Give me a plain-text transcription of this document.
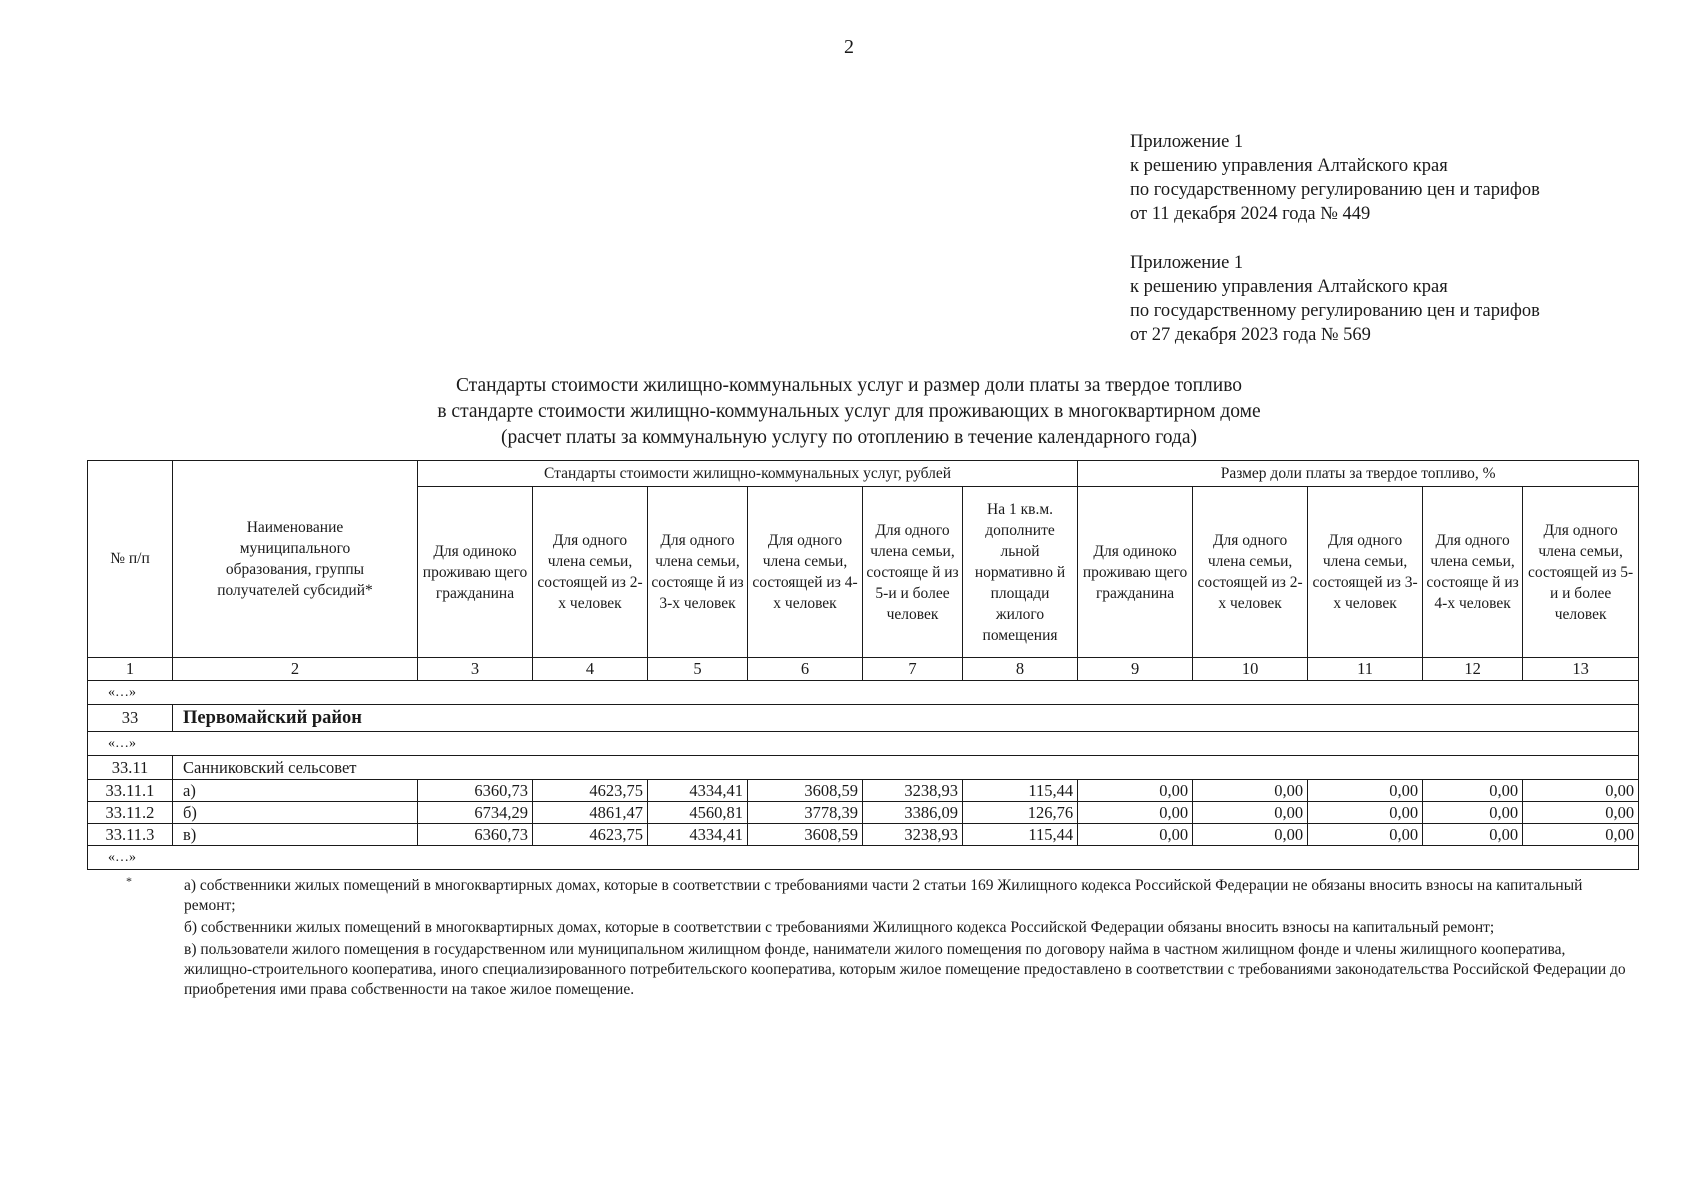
2
Приложение 1
к решению управления Алтайского края
по государственному регулированию цен и тарифов
от 11 декабря 2024 года № 449
Приложение 1
к решению управления Алтайского края
по государственному регулированию цен и тарифов
от 27 декабря 2023 года № 569
Стандарты стоимости жилищно-коммунальных услуг и размер доли платы за твердое топливо
в стандарте стоимости жилищно-коммунальных услуг для проживающих в многоквартирном доме
(расчет платы за коммунальную услугу по отоплению в течение календарного года)
№ п/п	Наименование муниципального образования, группы получателей субсидий*	Стандарты стоимости жилищно-коммунальных услуг, рублей						Размер доли платы за твердое топливо, %				
		Для одиноко проживаю щего гражданина	Для одного члена семьи, состоящей из 2-х человек	Для одного члена семьи, состояще й из 3-х человек	Для одного члена семьи, состоящей из 4-х человек	Для одного члена семьи, состояще й из 5-и и более человек	На 1 кв.м. дополните льной нормативно й площади жилого помещения	Для одиноко проживаю щего гражданина	Для одного члена семьи, состоящей из 2-х человек	Для одного члена семьи, состоящей из 3-х человек	Для одного члена семьи, состояще й из 4-х человек	Для одного члена семьи, состоящей из 5-и и более человек
1	2	3	4	5	6	7	8	9	10	11	12	13
«…»												
33	Первомайский район											
«…»												
33.11	Санниковский сельсовет											
33.11.1	а)	6360,73	4623,75	4334,41	3608,59	3238,93	115,44	0,00	0,00	0,00	0,00	0,00
33.11.2	б)	6734,29	4861,47	4560,81	3778,39	3386,09	126,76	0,00	0,00	0,00	0,00	0,00
33.11.3	в)	6360,73	4623,75	4334,41	3608,59	3238,93	115,44	0,00	0,00	0,00	0,00	0,00
«…»												
*	а) собственники жилых помещений в многоквартирных домах, которые в соответствии с требованиями части 2 статьи 169 Жилищного кодекса Российской Федерации не обязаны вносить взносы на капитальный ремонт;

б) собственники жилых помещений в многоквартирных домах, которые в соответствии с требованиями Жилищного кодекса Российской Федерации обязаны вносить взносы на капитальный ремонт;

в) пользователи жилого помещения в государственном или муниципальном жилищном фонде, наниматели жилого помещения по договору найма в частном жилищном фонде и члены жилищного кооператива, жилищно-строительного кооператива, иного специализированного потребительского кооператива, которым жилое помещение предоставлено в соответствии с требованиями законодательства Российской Федерации до приобретения ими права собственности на такое жилое помещение.
